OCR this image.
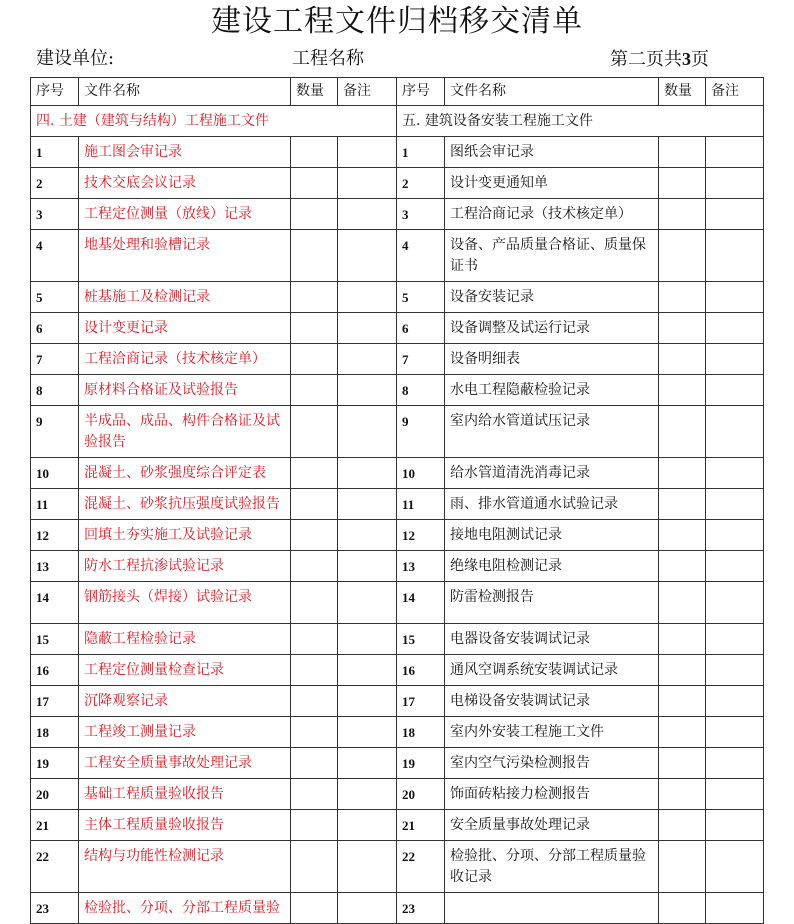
建设工程文件归档移交清单
建设单位:	工程名称	第二页共3页
序号	文件名称	数量	备注	序号	文件名称	数量	备注
四. 土建（建筑与结构）工程施工文件				五. 建筑设备安装工程施工文件			
1	施工图会审记录			1	图纸会审记录		
2	技术交底会议记录			2	设计变更通知单		
3	工程定位测量（放线）记录			3	工程洽商记录（技术核定单）		
4	地基处理和验槽记录			4	设备、产品质量合格证、质量保证书		
5	桩基施工及检测记录			5	设备安装记录		
6	设计变更记录			6	设备调整及试运行记录		
7	工程洽商记录（技术核定单）			7	设备明细表		
8	原材料合格证及试验报告			8	水电工程隐蔽检验记录		
9	半成品、成品、构件合格证及试验报告			9	室内给水管道试压记录		
10	混凝土、砂浆强度综合评定表			10	给水管道清洗消毒记录		
11	混凝土、砂浆抗压强度试验报告			11	雨、排水管道通水试验记录		
12	回填土夯实施工及试验记录			12	接地电阻测试记录		
13	防水工程抗渗试验记录			13	绝缘电阻检测记录		
14	钢筋接头（焊接）试验记录			14	防雷检测报告		
15	隐蔽工程检验记录			15	电器设备安装调试记录		
16	工程定位测量检查记录			16	通风空调系统安装调试记录		
17	沉降观察记录			17	电梯设备安装调试记录		
18	工程竣工测量记录			18	室内外安装工程施工文件		
19	工程安全质量事故处理记录			19	室内空气污染检测报告		
20	基础工程质量验收报告			20	饰面砖粘接力检测报告		
21	主体工程质量验收报告			21	安全质量事故处理记录		
22	结构与功能性检测记录			22	检验批、分项、分部工程质量验收记录		
23	检验批、分项、分部工程质量验			23			
